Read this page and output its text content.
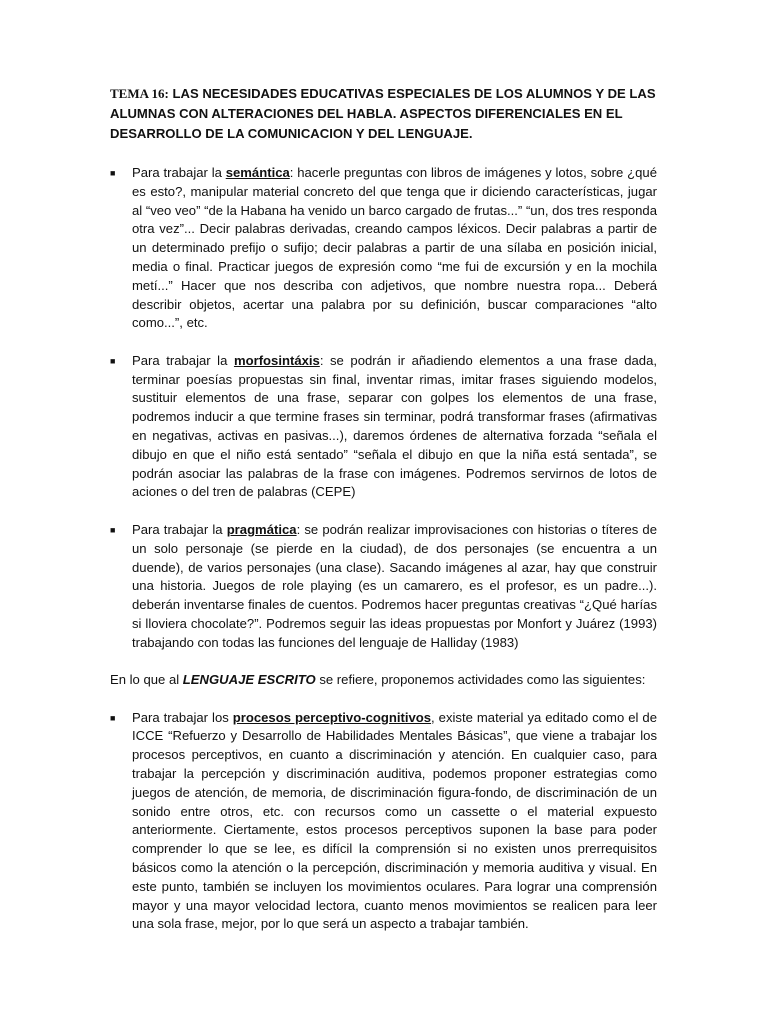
TEMA 16: LAS NECESIDADES EDUCATIVAS ESPECIALES DE LOS ALUMNOS Y DE LAS ALUMNAS CON ALTERACIONES DEL HABLA. ASPECTOS DIFERENCIALES EN EL DESARROLLO DE LA COMUNICACION Y DEL LENGUAJE.
■	Para trabajar la semántica: hacerle preguntas con libros de imágenes y lotos, sobre ¿qué es esto?, manipular material concreto del que tenga que ir diciendo características, jugar al “veo veo” “de la Habana ha venido un barco cargado de frutas...” “un, dos tres responda otra vez”... Decir palabras derivadas, creando campos léxicos. Decir palabras a partir de un determinado prefijo o sufijo; decir palabras a partir de una sílaba en posición inicial, media o final. Practicar juegos de expresión como “me fui de excursión y en la mochila metí...” Hacer que nos describa con adjetivos, que nombre nuestra ropa... Deberá describir objetos, acertar una palabra por su definición, buscar comparaciones “alto como...”, etc.
■	Para trabajar la morfosintáxis: se podrán ir añadiendo elementos a una frase dada, terminar poesías propuestas sin final, inventar rimas, imitar frases siguiendo modelos, sustituir elementos de una frase, separar con golpes los elementos de una frase, podremos inducir a que termine frases sin terminar, podrá transformar frases (afirmativas en negativas, activas en pasivas...), daremos órdenes de alternativa forzada “señala el dibujo en que el niño está sentado” “señala el dibujo en que la niña está sentada”, se podrán asociar las palabras de la frase con imágenes. Podremos servirnos de lotos de aciones o del tren de palabras (CEPE)
■	Para trabajar la pragmática: se podrán realizar improvisaciones con historias o títeres de un solo personaje (se pierde en la ciudad), de dos personajes (se encuentra a un duende), de varios personajes (una clase). Sacando imágenes al azar, hay que construir una historia. Juegos de role playing (es un camarero, es el profesor, es un padre...). deberán inventarse finales de cuentos. Podremos hacer preguntas creativas “¿Qué harías si lloviera chocolate?”. Podremos seguir las ideas propuestas por Monfort y Juárez (1993) trabajando con todas las funciones del lenguaje de Halliday (1983)

En lo que al LENGUAJE ESCRITO se refiere, proponemos actividades como las siguientes:

■	Para trabajar los procesos perceptivo-cognitivos, existe material ya editado como el de ICCE “Refuerzo y Desarrollo de Habilidades Mentales Básicas”, que viene a trabajar los procesos perceptivos, en cuanto a discriminación y atención. En cualquier caso, para trabajar la percepción y discriminación auditiva, podemos proponer estrategias como juegos de atención, de memoria, de discriminación figura-fondo, de discriminación de un sonido entre otros, etc. con recursos como un cassette o el material expuesto anteriormente. Ciertamente, estos procesos perceptivos suponen la base para poder comprender lo que se lee, es difícil la comprensión si no existen unos prerrequisitos básicos como la atención o la percepción, discriminación y memoria auditiva y visual. En este punto, también se incluyen los movimientos oculares. Para lograr una comprensión mayor y una mayor velocidad lectora, cuanto menos movimientos se realicen para leer una sola frase, mejor, por lo que será un aspecto a trabajar también.
